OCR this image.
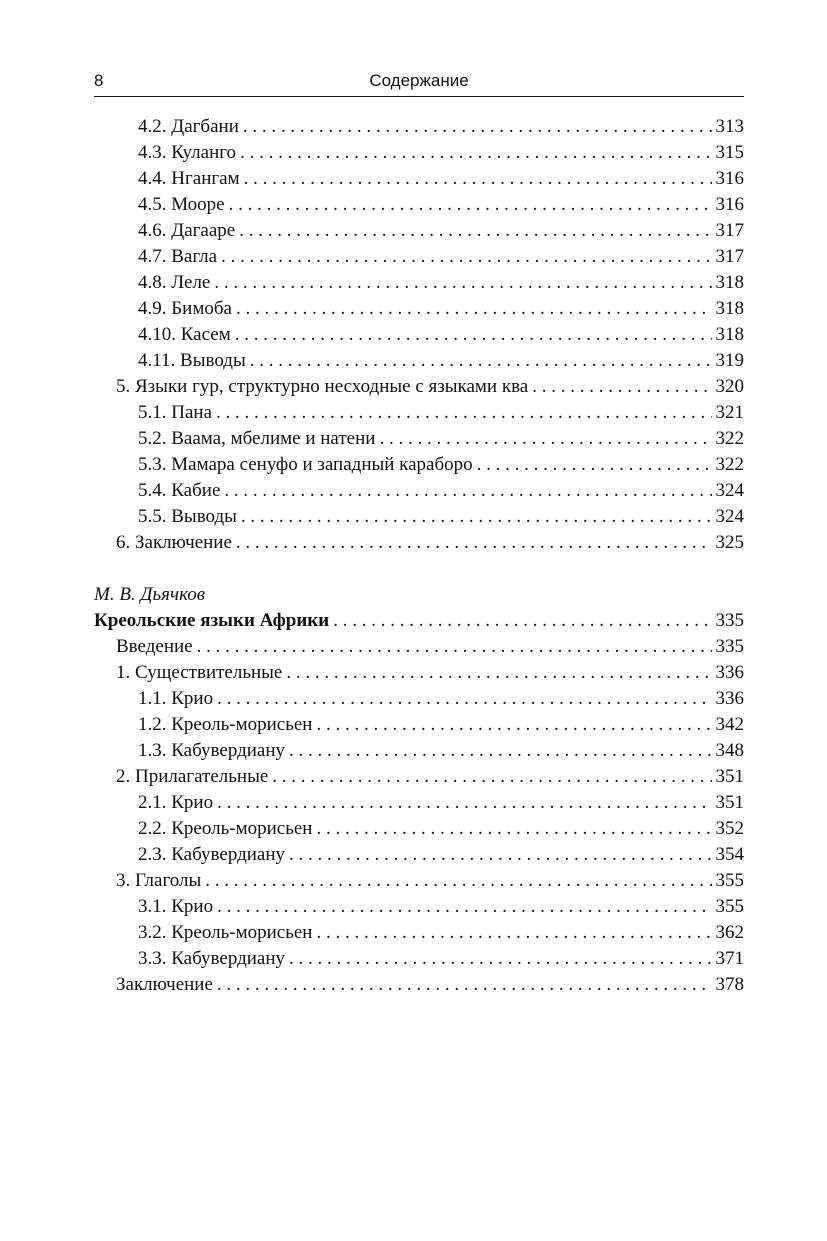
8	Содержание
4.2. Дагбани . . .	313
4.3. Куланго . . .	315
4.4. Нгангам . . .	316
4.5. Мооре . . .	316
4.6. Дагааре . . .	317
4.7. Вагла . . .	317
4.8. Леле . . .	318
4.9. Бимоба . . .	318
4.10. Касем . . .	318
4.11. Выводы . . .	319
5. Языки гур, структурно несходные с языками ква . . .	320
5.1. Пана . . .	321
5.2. Ваама, мбелиме и натени . . .	322
5.3. Мамара сенуфо и западный караборо . . .	322
5.4. Кабие . . .	324
5.5. Выводы . . .	324
6. Заключение . . .	325
М. В. Дьячков
Креольские языки Африки . . .	335
Введение . . .	335
1. Существительные . . .	336
1.1. Крио . . .	336
1.2. Креоль-морисьен . . .	342
1.3. Кабувердиану . . .	348
2. Прилагательные . . .	351
2.1. Крио . . .	351
2.2. Креоль-морисьен . . .	352
2.3. Кабувердиану . . .	354
3. Глаголы . . .	355
3.1. Крио . . .	355
3.2. Креоль-морисьен . . .	362
3.3. Кабувердиану . . .	371
Заключение . . .	378
